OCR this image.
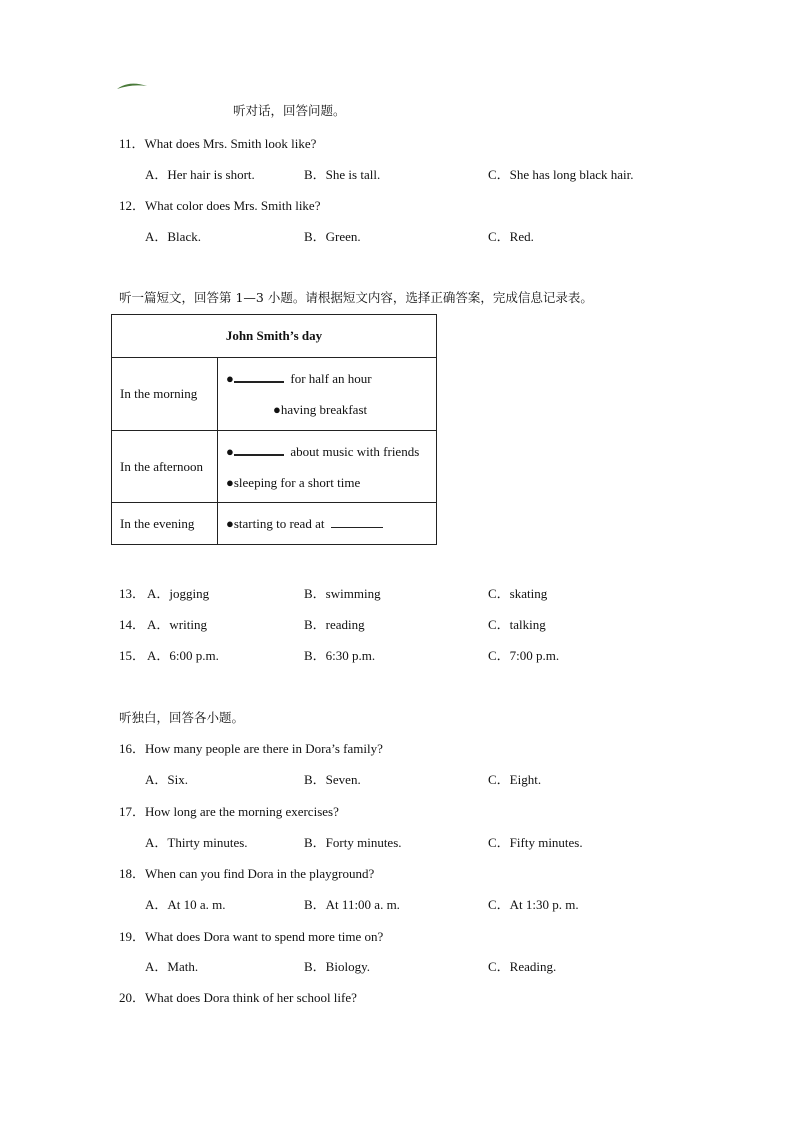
听对话，回答问题。
11．What does Mrs. Smith look like?
A．Her hair is short.	B．She is tall.	C．She has long black hair.
12．What color does Mrs. Smith like?
A．Black.	B．Green.	C．Red.
听一篇短文，回答第 1—3 小题。请根据短文内容，选择正确答案，完成信息记录表。
John Smith’s day	
In the morning	● for half an hour
●having breakfast

In the afternoon	● about music with friends
●sleeping for a short time

In the evening	●starting to read at
13． A．jogging	B．swimming	C．skating
14． A．writing	B．reading	C．talking
15． A．6:00 p.m.	B．6:30 p.m.	C．7:00 p.m.
听独白，回答各小题。
16．How many people are there in Dora’s family?
A．Six.	B．Seven.	C．Eight.
17．How long are the morning exercises?
A．Thirty minutes.	B．Forty minutes.	C．Fifty minutes.
18．When can you find Dora in the playground?
A．At 10 a. m.	B．At 11:00 a. m.	C．At 1:30 p. m.
19．What does Dora want to spend more time on?
A．Math.	B．Biology.	C．Reading.
20．What does Dora think of her school life?
